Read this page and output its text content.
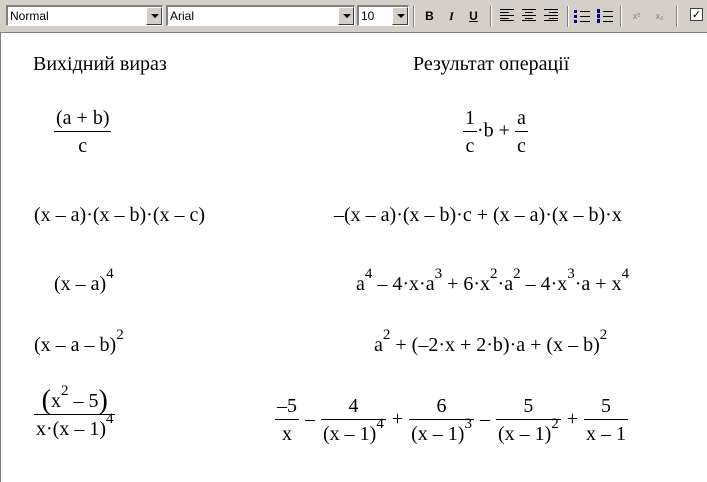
Normal	Arial	10	B	I	U	x²	x₂	✓
Вихідний вираз	Результат операції
$\frac{(a + b)}{c}$	$\frac{1}{c} \cdot b + \frac{a}{c}$
(x – a)·(x – b)·(x – c)	–(x – a)·(x – b)·c + (x – a)·(x – b)·x
(x – a)$^4$	$a^4 - 4\cdot x\cdot a^3 + 6\cdot x^2\cdot a^2 - 4\cdot x^3\cdot a + x^4$
(x – a – b)$^2$	$a^2 + (-2\cdot x + 2\cdot b)\cdot a + (x - b)^2$
$\frac{(x^2 - 5)}{x\cdot(x - 1)^4}$	$\frac{-5}{x} - \frac{4}{(x - 1)^4} + \frac{6}{(x - 1)^3} - \frac{5}{(x - 1)^2} + \frac{5}{x - 1}$
